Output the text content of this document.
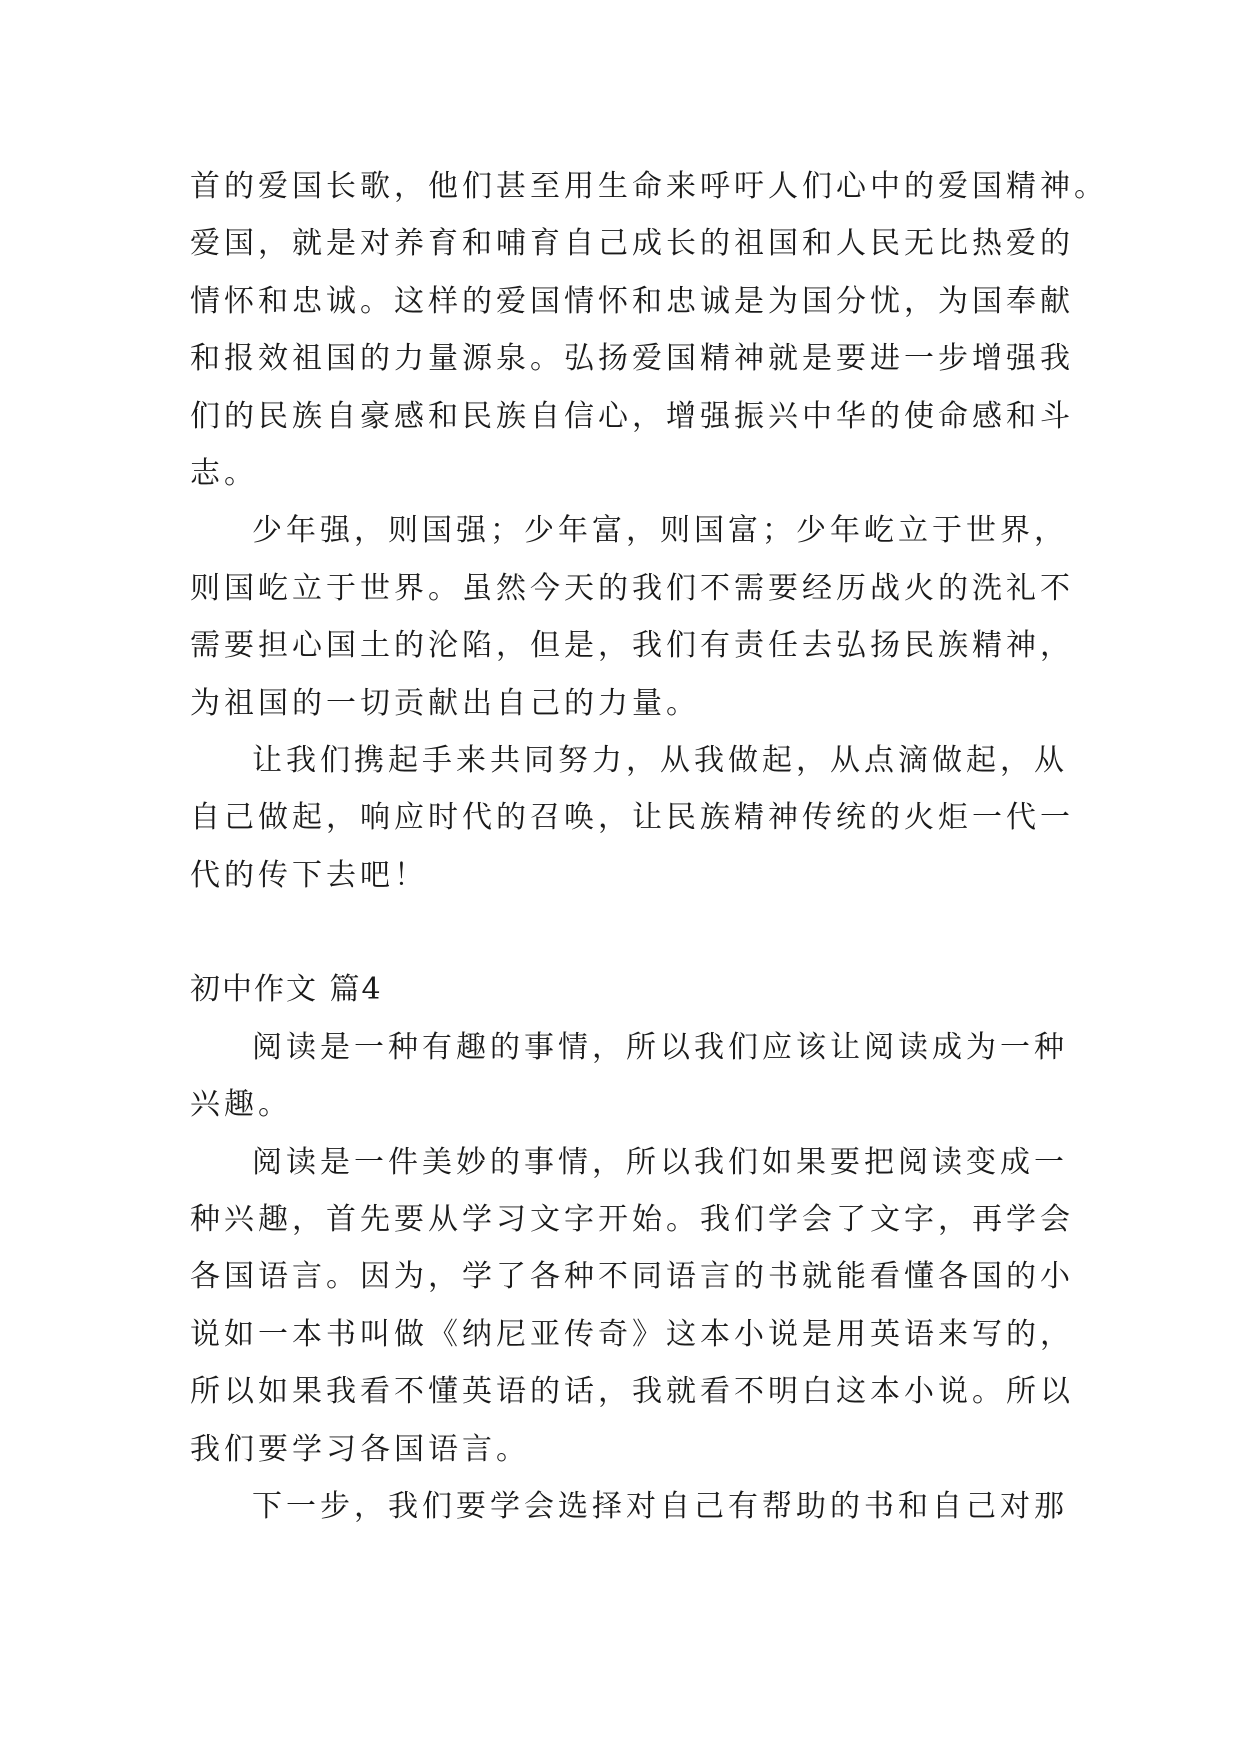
首的爱国长歌，他们甚至用生命来呼吁人们心中的爱国精神。
爱国，就是对养育和哺育自己成长的祖国和人民无比热爱的
情怀和忠诚。这样的爱国情怀和忠诚是为国分忧，为国奉献
和报效祖国的力量源泉。弘扬爱国精神就是要进一步增强我
们的民族自豪感和民族自信心，增强振兴中华的使命感和斗
志。
少年强，则国强；少年富，则国富；少年屹立于世界，
则国屹立于世界。虽然今天的我们不需要经历战火的洗礼不
需要担心国土的沦陷，但是，我们有责任去弘扬民族精神，
为祖国的一切贡献出自己的力量。
让我们携起手来共同努力，从我做起，从点滴做起，从
自己做起，响应时代的召唤，让民族精神传统的火炬一代一
代的传下去吧！
初中作文 篇4
阅读是一种有趣的事情，所以我们应该让阅读成为一种
兴趣。
阅读是一件美妙的事情，所以我们如果要把阅读变成一
种兴趣，首先要从学习文字开始。我们学会了文字，再学会
各国语言。因为，学了各种不同语言的书就能看懂各国的小
说如一本书叫做《纳尼亚传奇》这本小说是用英语来写的，
所以如果我看不懂英语的话，我就看不明白这本小说。所以
我们要学习各国语言。
下一步，我们要学会选择对自己有帮助的书和自己对那
